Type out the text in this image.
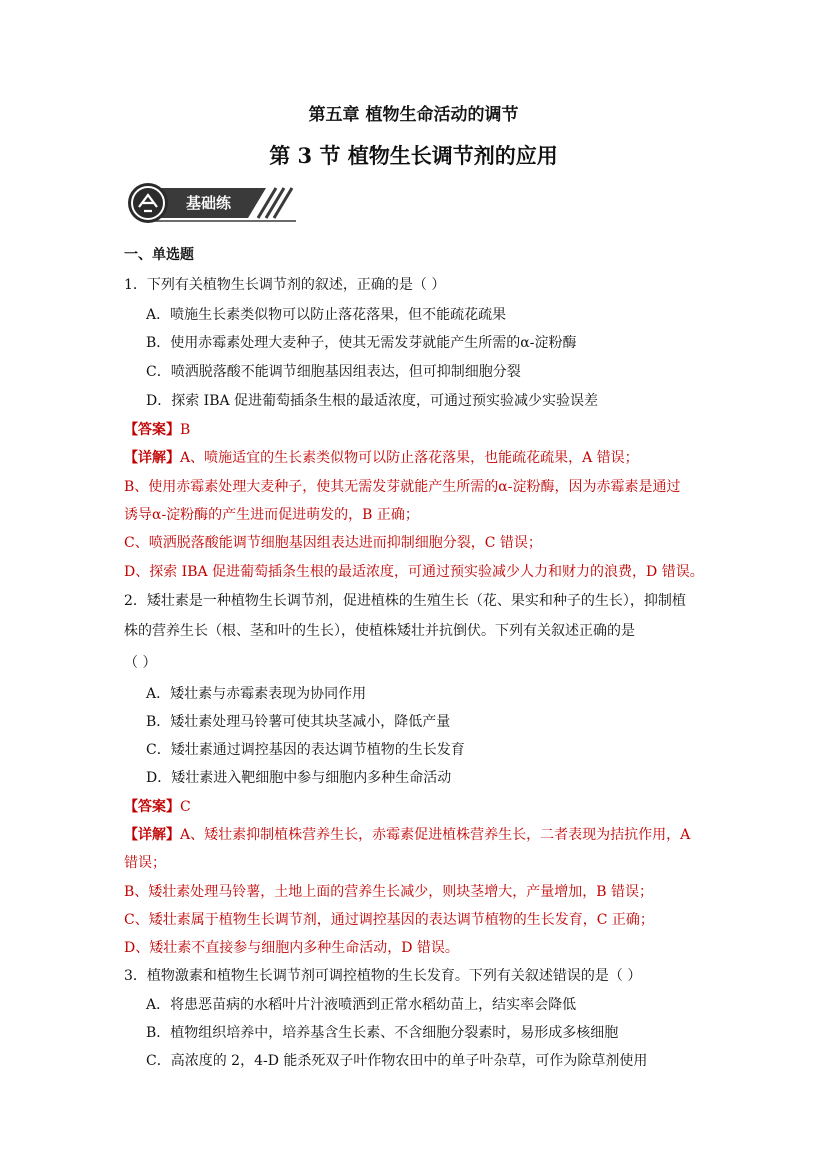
第五章 植物生命活动的调节
第 3 节 植物生长调节剂的应用
基础练
一、单选题
1．下列有关植物生长调节剂的叙述，正确的是（ ）
A．喷施生长素类似物可以防止落花落果，但不能疏花疏果
B．使用赤霉素处理大麦种子，使其无需发芽就能产生所需的α-淀粉酶
C．喷洒脱落酸不能调节细胞基因组表达，但可抑制细胞分裂
D．探索 IBA 促进葡萄插条生根的最适浓度，可通过预实验减少实验误差
【答案】B
【详解】A、喷施适宜的生长素类似物可以防止落花落果，也能疏花疏果，A 错误；
B、使用赤霉素处理大麦种子，使其无需发芽就能产生所需的α-淀粉酶，因为赤霉素是通过
诱导α-淀粉酶的产生进而促进萌发的，B 正确；
C、喷洒脱落酸能调节细胞基因组表达进而抑制细胞分裂，C 错误；
D、探索 IBA 促进葡萄插条生根的最适浓度，可通过预实验减少人力和财力的浪费，D 错误。
2．矮壮素是一种植物生长调节剂，促进植株的生殖生长（花、果实和种子的生长），抑制植
株的营养生长（根、茎和叶的生长），使植株矮壮并抗倒伏。下列有关叙述正确的是
（ ）
A．矮壮素与赤霉素表现为协同作用
B．矮壮素处理马铃薯可使其块茎减小，降低产量
C．矮壮素通过调控基因的表达调节植物的生长发育
D．矮壮素进入靶细胞中参与细胞内多种生命活动
【答案】C
【详解】A、矮壮素抑制植株营养生长，赤霉素促进植株营养生长，二者表现为拮抗作用，A
错误；
B、矮壮素处理马铃薯，土地上面的营养生长减少，则块茎增大，产量增加，B 错误；
C、矮壮素属于植物生长调节剂，通过调控基因的表达调节植物的生长发育，C 正确；
D、矮壮素不直接参与细胞内多种生命活动，D 错误。
3．植物激素和植物生长调节剂可调控植物的生长发育。下列有关叙述错误的是（ ）
A．将患恶苗病的水稻叶片汁液喷洒到正常水稻幼苗上，结实率会降低
B．植物组织培养中，培养基含生长素、不含细胞分裂素时，易形成多核细胞
C．高浓度的 2，4-D 能杀死双子叶作物农田中的单子叶杂草，可作为除草剂使用
